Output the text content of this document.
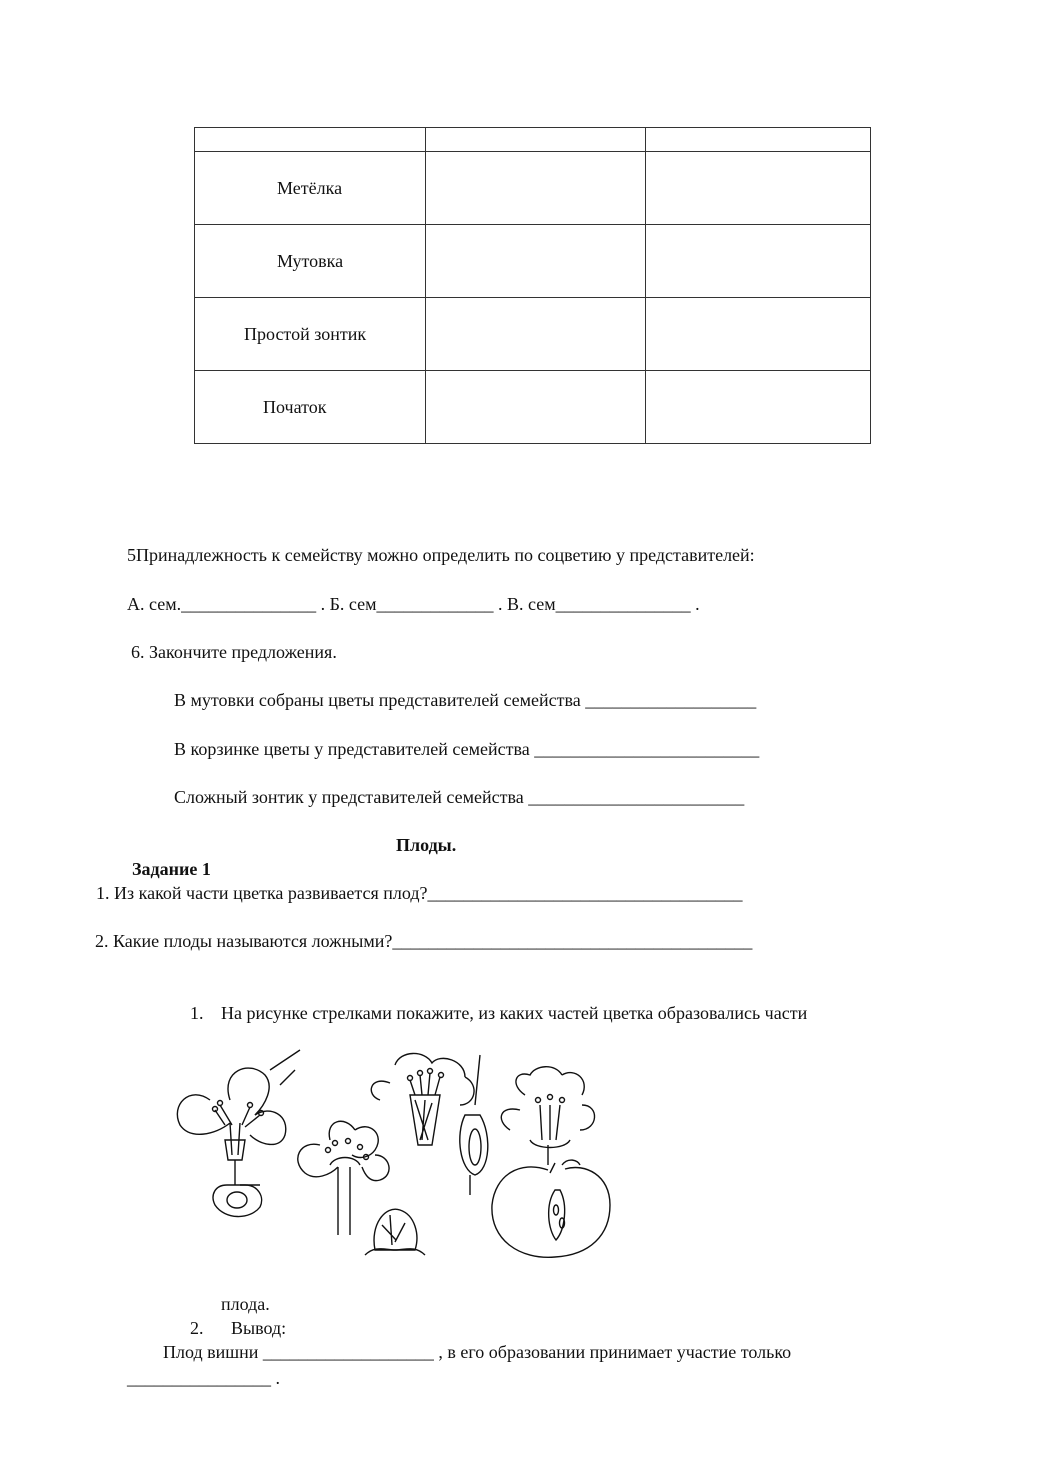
Метёлка		

Мутовка		

Простой зонтик		

Початок		

5Принадлежность к семейству можно определить по соцветию у представителей:
А. сем._______________ . Б. сем_____________ . В. сем_______________ .
6. Закончите предложения.
В мутовки собраны цветы представителей семейства ___________________
В корзинке цветы у представителей семейства _________________________
Сложный зонтик у представителей семейства ________________________
Плоды.
Задание 1
1. Из какой части цветка развивается плод?___________________________________
2. Какие плоды называются ложными?________________________________________
1. На рисунке стрелками покажите, из каких частей цветка образовались части
плода.
2. Вывод:
Плод вишни ___________________ , в его образовании принимает участие только
________________ .
